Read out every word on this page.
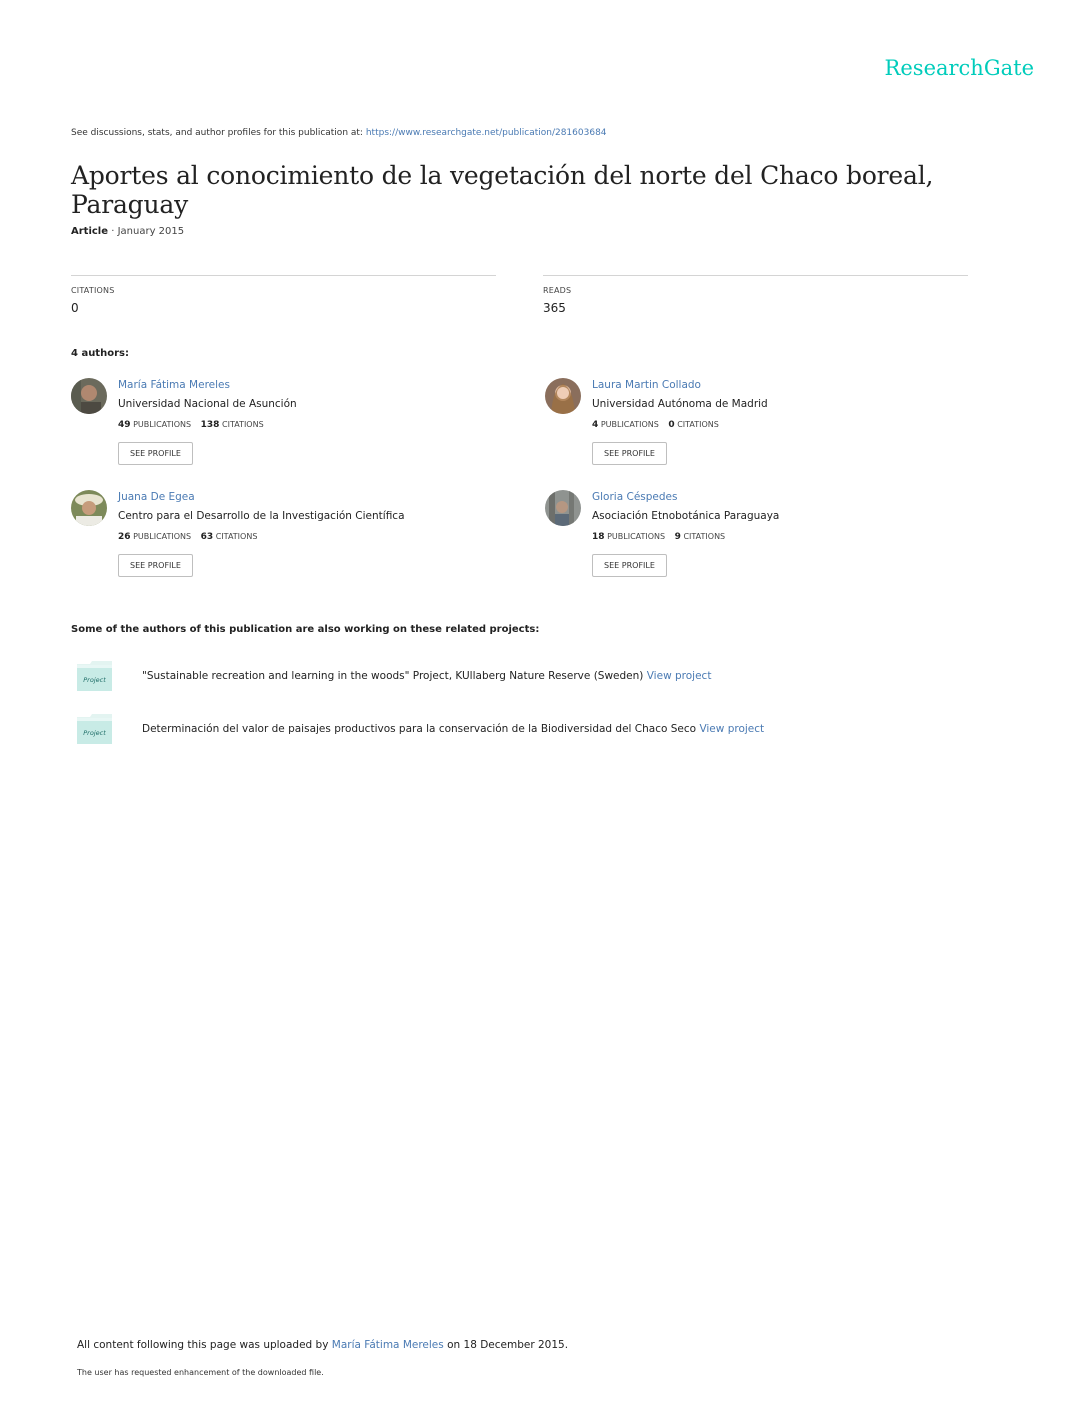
ResearchGate
See discussions, stats, and author profiles for this publication at: https://www.researchgate.net/publication/281603684
Aportes al conocimiento de la vegetación del norte del Chaco boreal, Paraguay
Article · January 2015
CITATIONS
0
READS
365
4 authors:
María Fátima Mereles
Universidad Nacional de Asunción
49 PUBLICATIONS 138 CITATIONS
SEE PROFILE
Laura Martin Collado
Universidad Autónoma de Madrid
4 PUBLICATIONS 0 CITATIONS
SEE PROFILE
Juana De Egea
Centro para el Desarrollo de la Investigación Científica
26 PUBLICATIONS 63 CITATIONS
SEE PROFILE
Gloria Céspedes
Asociación Etnobotánica Paraguaya
18 PUBLICATIONS 9 CITATIONS
SEE PROFILE
Some of the authors of this publication are also working on these related projects:
Project	"Sustainable recreation and learning in the woods" Project, KUllaberg Nature Reserve (Sweden) View project
Project	Determinación del valor de paisajes productivos para la conservación de la Biodiversidad del Chaco Seco View project
All content following this page was uploaded by María Fátima Mereles on 18 December 2015.
The user has requested enhancement of the downloaded file.
